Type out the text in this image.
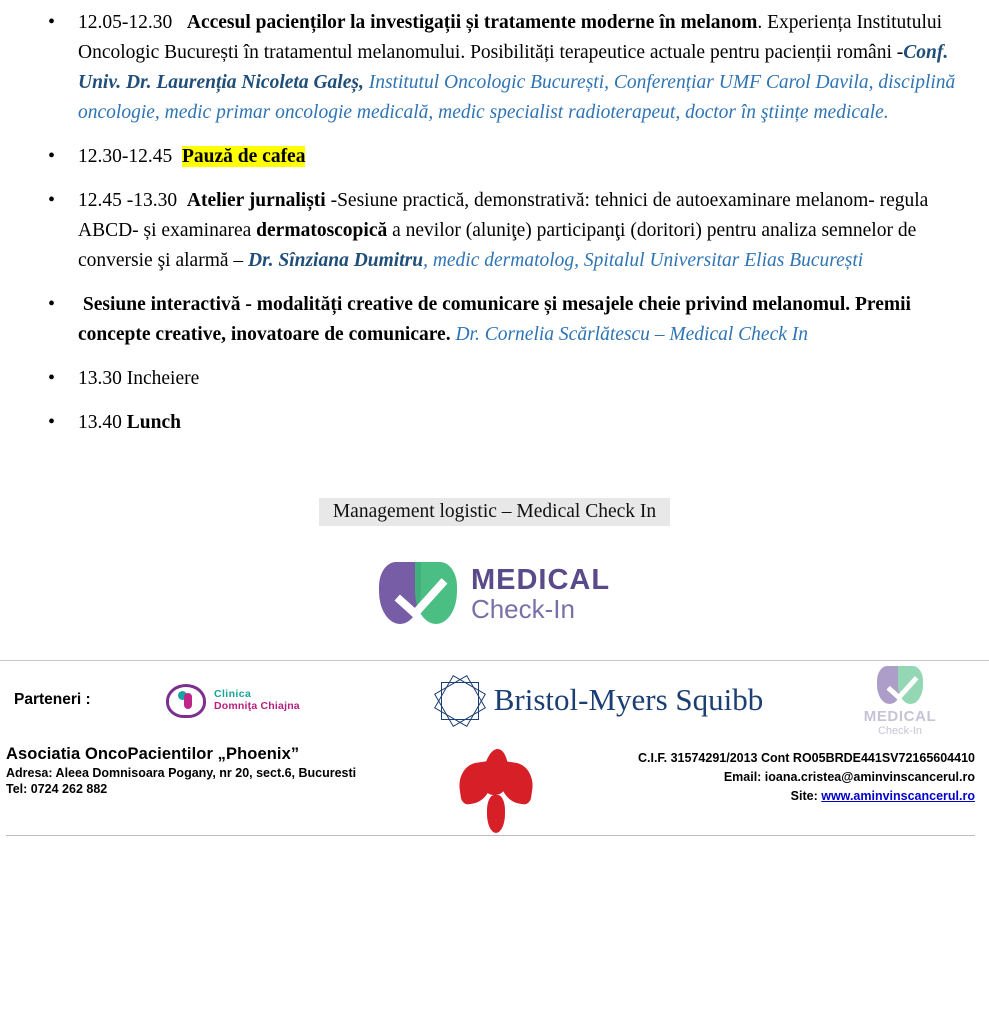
• 12.05-12.30 Accesul pacienților la investigații și tratamente moderne în melanom. Experiența Institutului Oncologic București în tratamentul melanomului. Posibilități terapeutice actuale pentru pacienții români -Conf. Univ. Dr. Laurenția Nicoleta Galeș, Institutul Oncologic București, Conferențiar UMF Carol Davila, disciplină oncologie, medic primar oncologie medicală, medic specialist radioterapeut, doctor în ştiințe medicale.
• 12.30-12.45 Pauză de cafea
• 12.45 -13.30 Atelier jurnaliști -Sesiune practică, demonstrativă: tehnici de autoexaminare melanom- regula ABCD- și examinarea dermatoscopică a nevilor (aluniţe) participanţi (doritori) pentru analiza semnelor de conversie şi alarmă – Dr. Sînziana Dumitru, medic dermatolog, Spitalul Universitar Elias București
• Sesiune interactivă - modalități creative de comunicare și mesajele cheie privind melanomul. Premii concepte creative, inovatoare de comunicare. Dr. Cornelia Scărlătescu – Medical Check In
• 13.30 Incheiere
• 13.40 Lunch
Management logistic – Medical Check In
MEDICAL
Check-In
Parteneri :	Clinica
Domniţa Chiajna	Bristol-Myers Squibb	MEDICAL
Check-In
Asociatia OncoPacientilor „Phoenix”
Adresa: Aleea Domnisoara Pogany, nr 20, sect.6, Bucuresti
Tel: 0724 262 882
C.I.F. 31574291/2013 Cont RO05BRDE441SV72165604410
Email: ioana.cristea@aminvinscancerul.ro
Site: www.aminvinscancerul.ro
